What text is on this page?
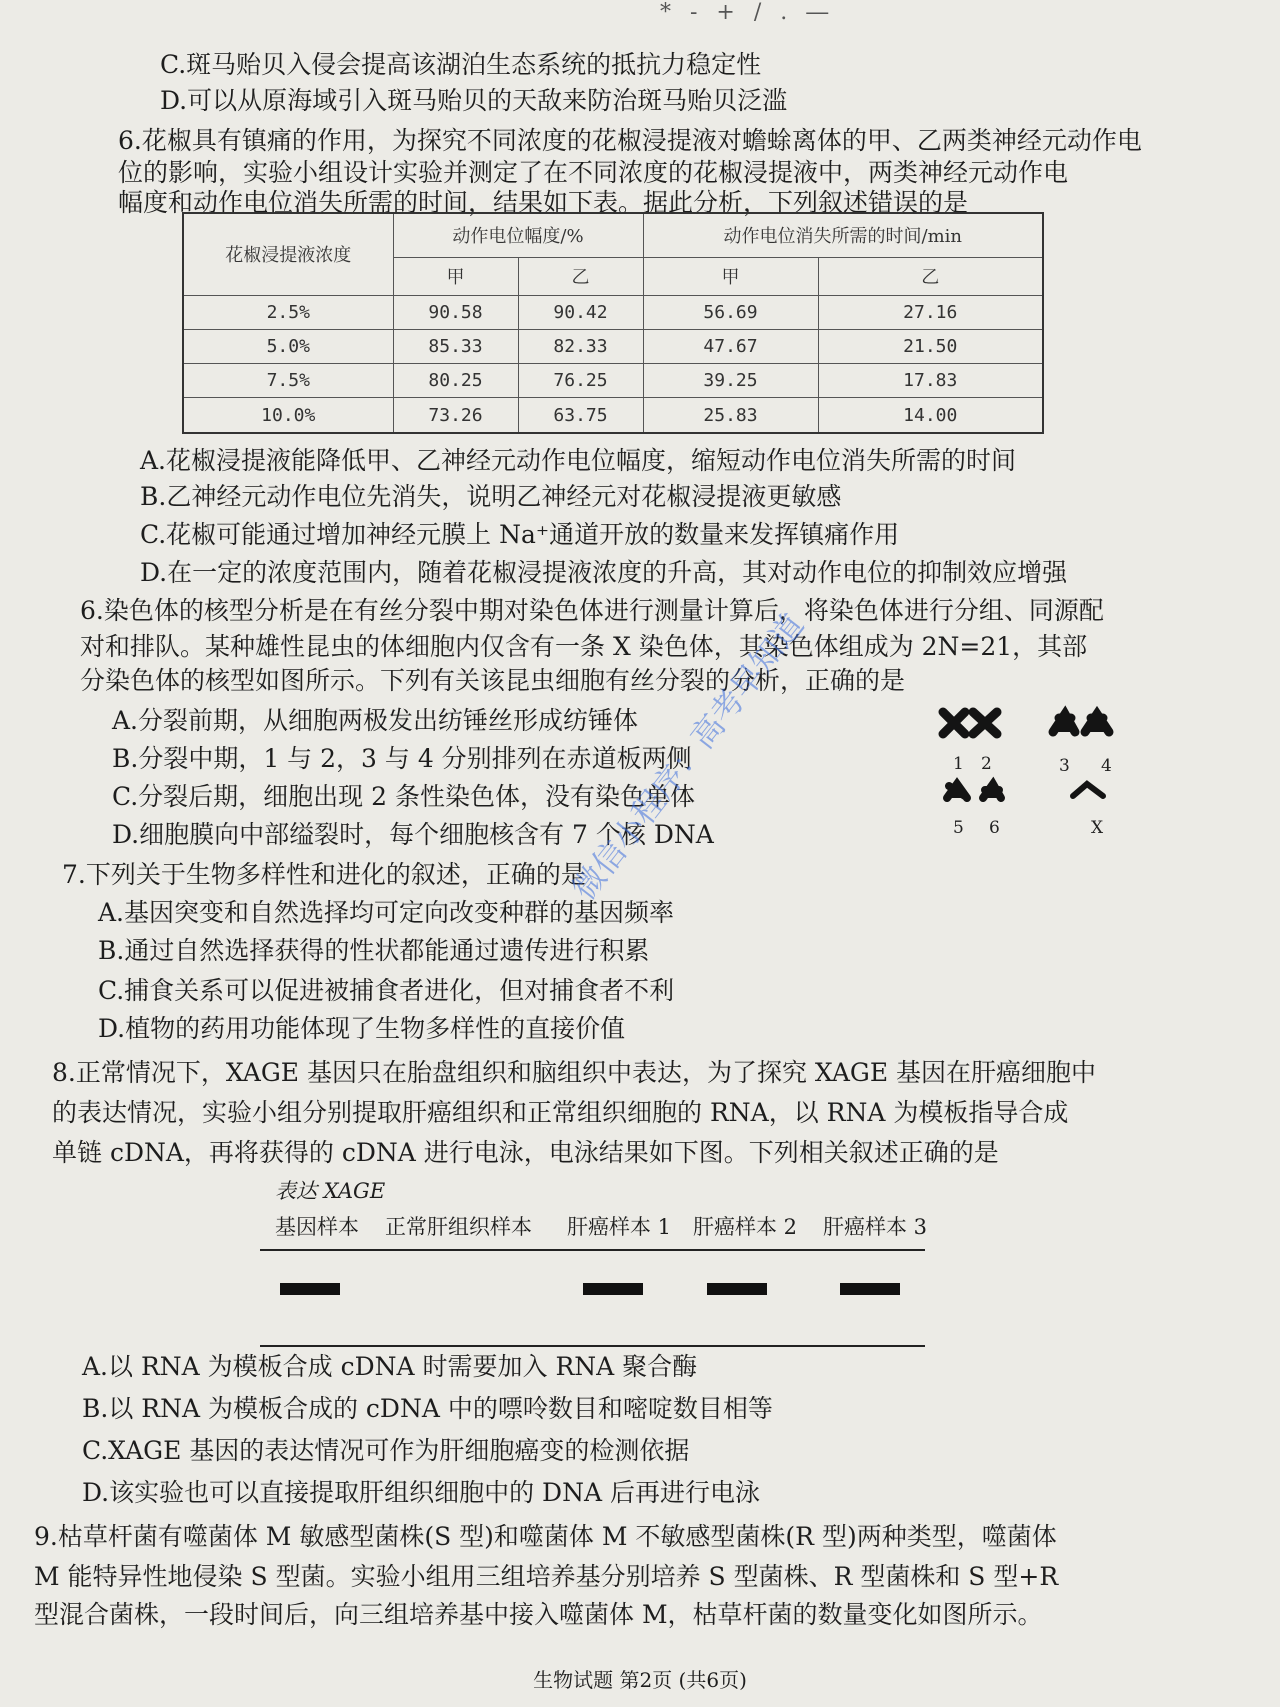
* - + / . ―
C.斑马贻贝入侵会提高该湖泊生态系统的抵抗力稳定性
D.可以从原海域引入斑马贻贝的天敌来防治斑马贻贝泛滥
6.花椒具有镇痛的作用，为探究不同浓度的花椒浸提液对蟾蜍离体的甲、乙两类神经元动作电
位的影响，实验小组设计实验并测定了在不同浓度的花椒浸提液中，两类神经元动作电
幅度和动作电位消失所需的时间，结果如下表。据此分析，下列叙述错误的是
花椒浸提液浓度	动作电位幅度/%		动作电位消失所需的时间/min	
	甲	乙	甲	乙
2.5%	90.58	90.42	56.69	27.16
5.0%	85.33	82.33	47.67	21.50
7.5%	80.25	76.25	39.25	17.83
10.0%	73.26	63.75	25.83	14.00
A.花椒浸提液能降低甲、乙神经元动作电位幅度，缩短动作电位消失所需的时间
B.乙神经元动作电位先消失，说明乙神经元对花椒浸提液更敏感
C.花椒可能通过增加神经元膜上 Na⁺通道开放的数量来发挥镇痛作用
D.在一定的浓度范围内，随着花椒浸提液浓度的升高，其对动作电位的抑制效应增强
6.染色体的核型分析是在有丝分裂中期对染色体进行测量计算后，将染色体进行分组、同源配
对和排队。某种雄性昆虫的体细胞内仅含有一条 X 染色体，其染色体组成为 2N=21，其部
分染色体的核型如图所示。下列有关该昆虫细胞有丝分裂的分析，正确的是
A.分裂前期，从细胞两极发出纺锤丝形成纺锤体
B.分裂中期，1 与 2，3 与 4 分别排列在赤道板两侧
C.分裂后期，细胞出现 2 条性染色体，没有染色单体
D.细胞膜向中部缢裂时，每个细胞核含有 7 个核 DNA
1 2	3 4
5 6	X
7.下列关于生物多样性和进化的叙述，正确的是
A.基因突变和自然选择均可定向改变种群的基因频率
B.通过自然选择获得的性状都能通过遗传进行积累
C.捕食关系可以促进被捕食者进化，但对捕食者不利
D.植物的药用功能体现了生物多样性的直接价值
8.正常情况下，XAGE 基因只在胎盘组织和脑组织中表达，为了探究 XAGE 基因在肝癌细胞中
的表达情况，实验小组分别提取肝癌组织和正常组织细胞的 RNA，以 RNA 为模板指导合成
单链 cDNA，再将获得的 cDNA 进行电泳，电泳结果如下图。下列相关叙述正确的是
表达 XAGE
基因样本 正常肝组织样本 肝癌样本 1 肝癌样本 2 肝癌样本 3
A.以 RNA 为模板合成 cDNA 时需要加入 RNA 聚合酶
B.以 RNA 为模板合成的 cDNA 中的嘌呤数目和嘧啶数目相等
C.XAGE 基因的表达情况可作为肝细胞癌变的检测依据
D.该实验也可以直接提取肝组织细胞中的 DNA 后再进行电泳
9.枯草杆菌有噬菌体 M 敏感型菌株(S 型)和噬菌体 M 不敏感型菌株(R 型)两种类型，噬菌体
M 能特异性地侵染 S 型菌。实验小组用三组培养基分别培养 S 型菌株、R 型菌株和 S 型+R
型混合菌株，一段时间后，向三组培养基中接入噬菌体 M，枯草杆菌的数量变化如图所示。
微信小程序：高考早知道
生物试题 第2页 (共6页)
